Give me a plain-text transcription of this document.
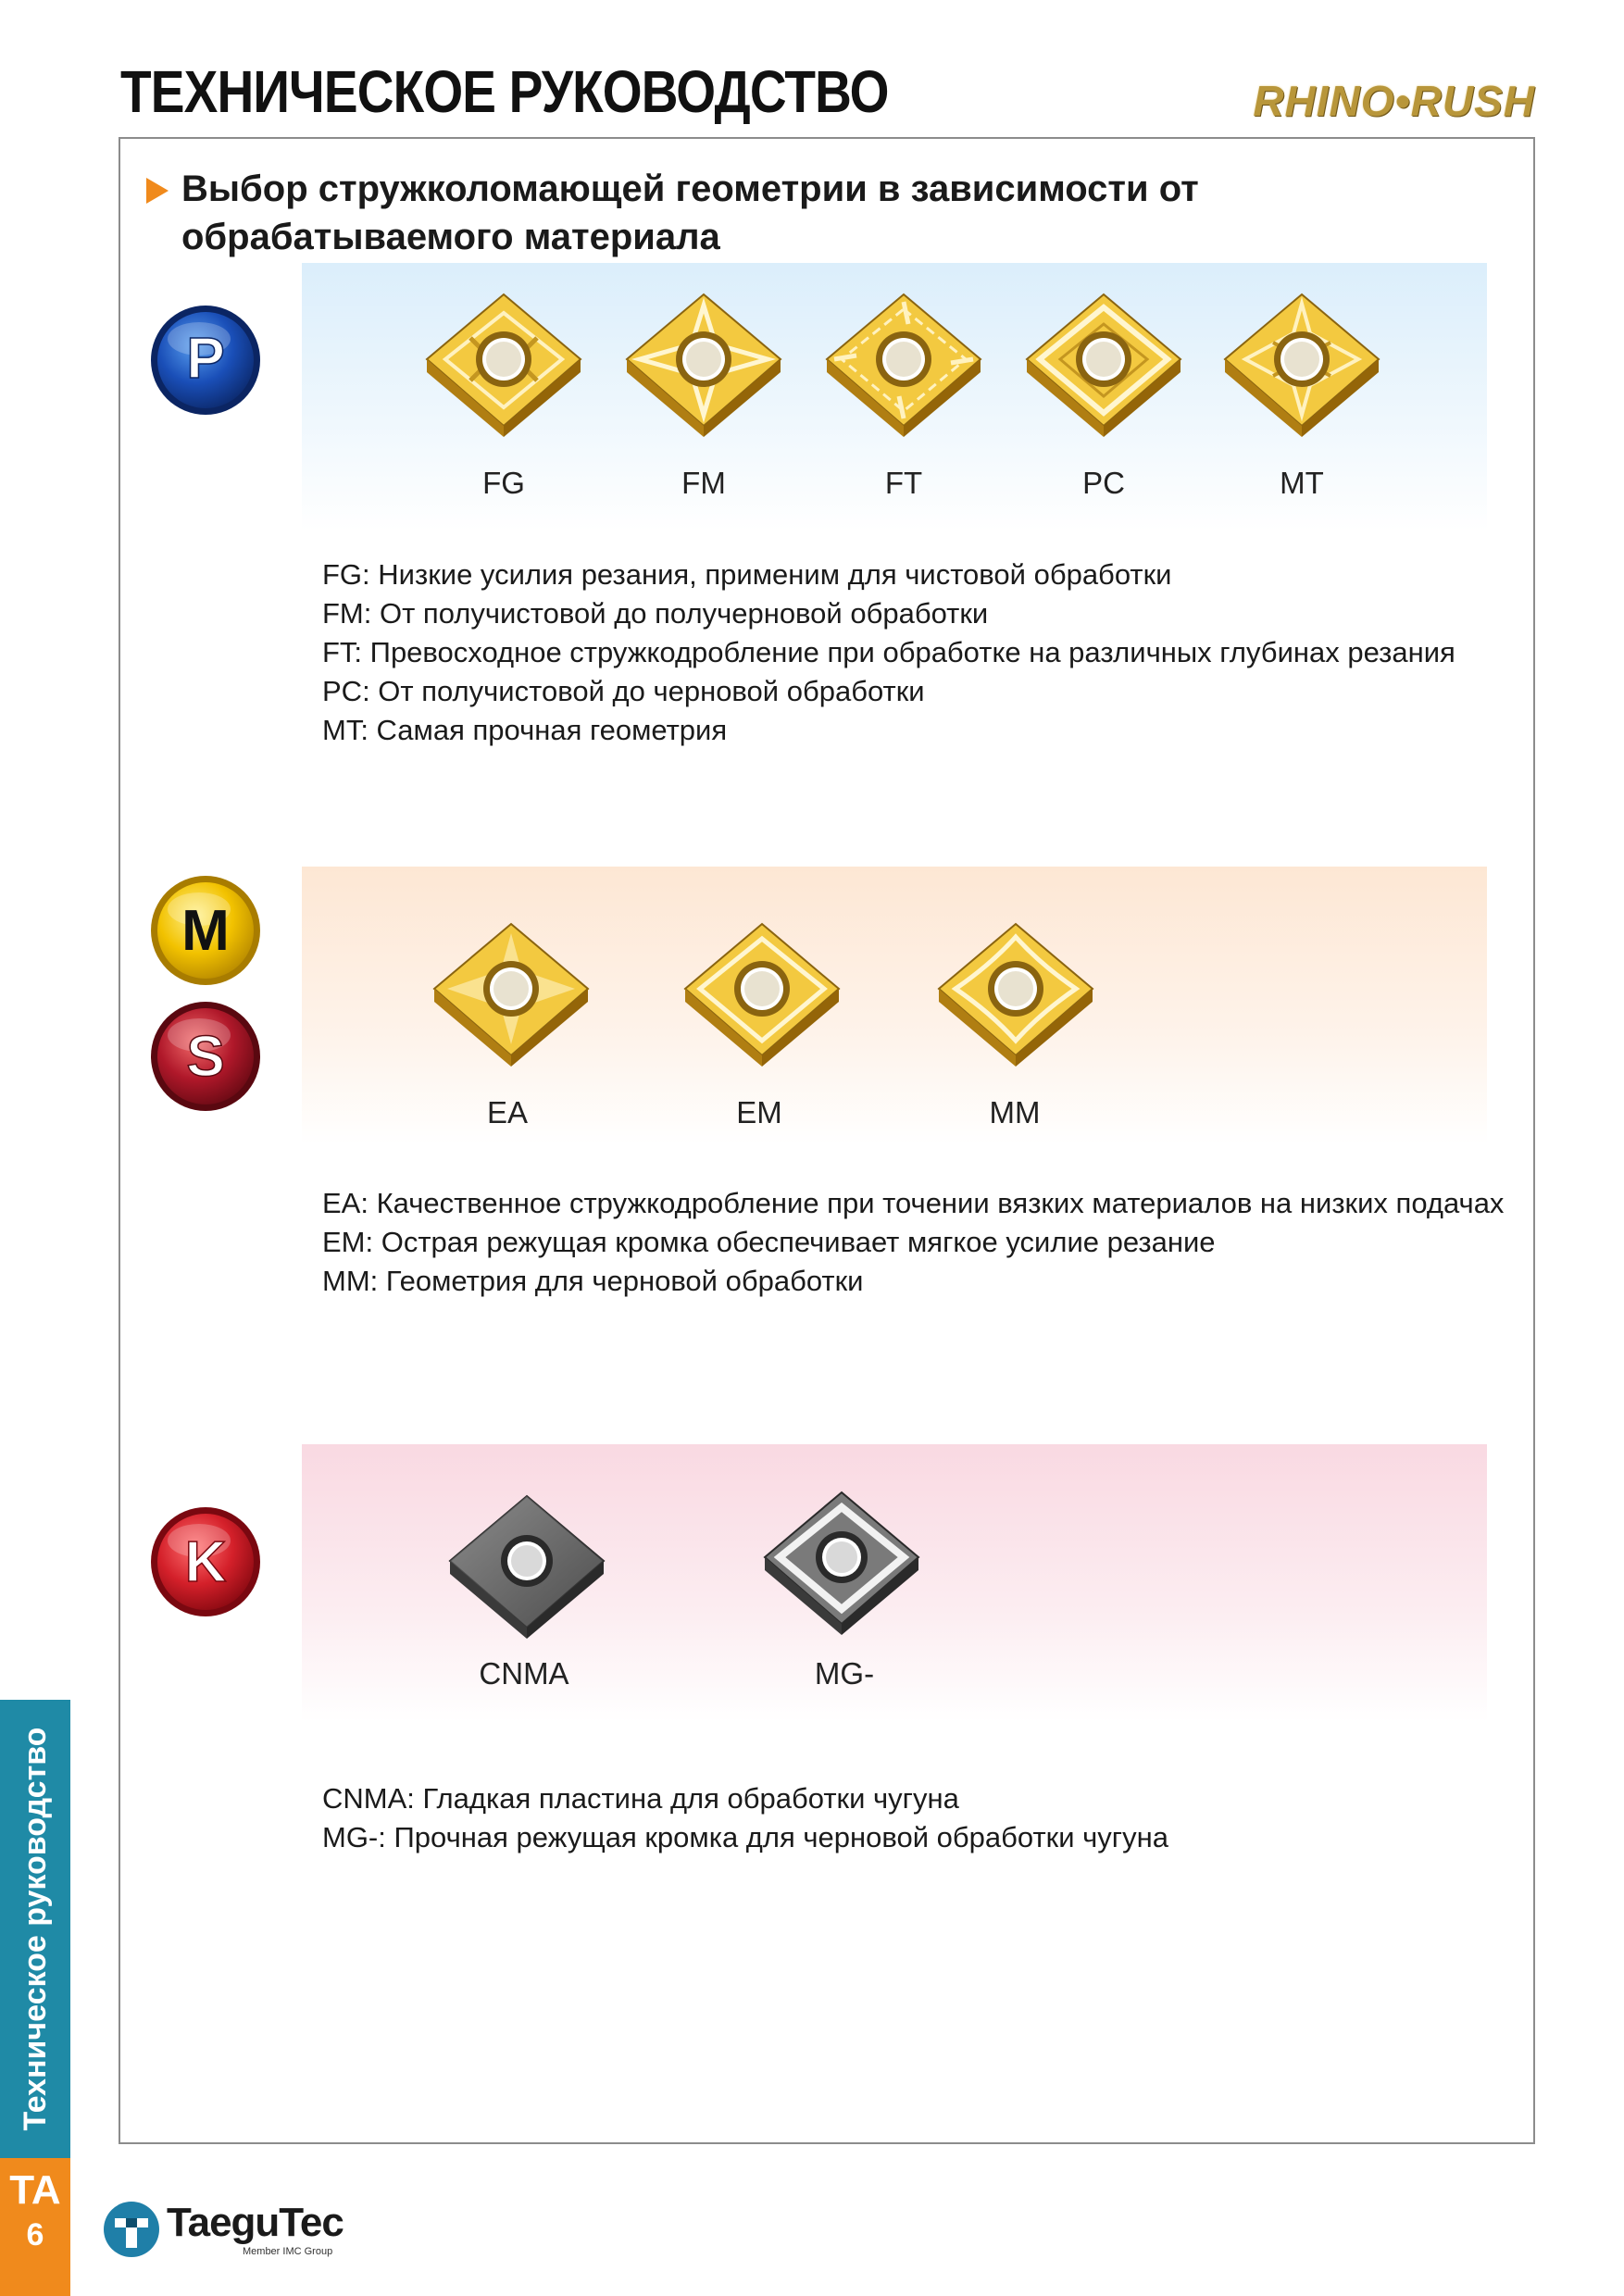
ТЕХНИЧЕСКОЕ РУКОВОДСТВО	RHINO•RUSH
Выбор стружколомающей геометрии в зависимости от
обрабатываемого материала
P
FG	FM	FT	PC	MT
FG: Низкие усилия резания, применим для чистовой обработки
FM: От получистовой до получерновой обработки
FT: Превосходное стружкодробление при обработке на различных глубинах резания
PC: От получистовой до черновой обработки
MT: Самая прочная геометрия
M
S
EA	EM	MM
EA: Качественное стружкодробление при точении вязких материалов на низких подачах
EM: Острая режущая кромка обеспечивает мягкое усилие резание
MM: Геометрия для черновой обработки
K
CNMA	MG-
CNMA: Гладкая пластина для обработки чугуна
MG-: Прочная режущая кромка для черновой обработки чугуна
Техническое руководство
TA
6	TaeguTec
Member IMC Group
